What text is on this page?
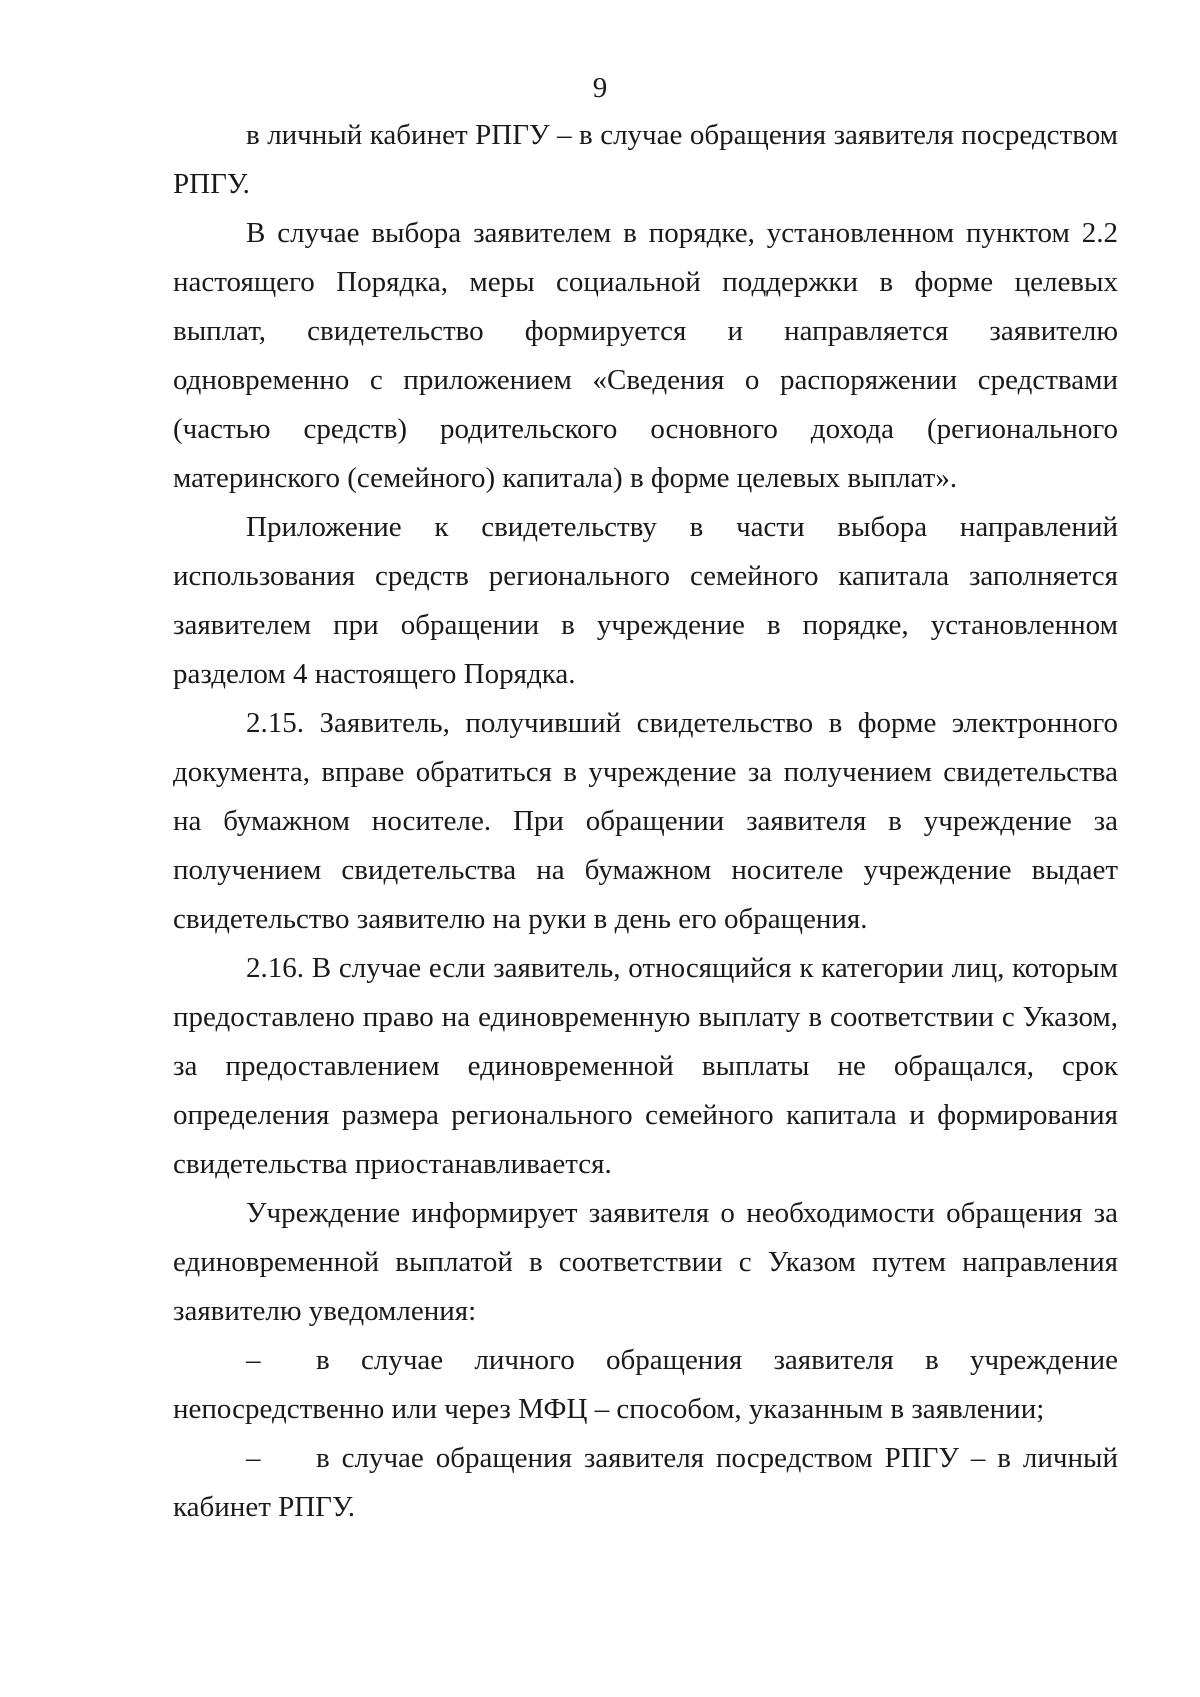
9

в личный кабинет РПГУ – в случае обращения заявителя посредством РПГУ.

В случае выбора заявителем в порядке, установленном пунктом 2.2 настоящего Порядка, меры социальной поддержки в форме целевых выплат, свидетельство формируется и направляется заявителю одновременно с приложением «Сведения о распоряжении средствами (частью средств) родительского основного дохода (регионального материнского (семейного) капитала) в форме целевых выплат».

Приложение к свидетельству в части выбора направлений использования средств регионального семейного капитала заполняется заявителем при обращении в учреждение в порядке, установленном разделом 4 настоящего Порядка.

2.15. Заявитель, получивший свидетельство в форме электронного документа, вправе обратиться в учреждение за получением свидетельства на бумажном носителе. При обращении заявителя в учреждение за получением свидетельства на бумажном носителе учреждение выдает свидетельство заявителю на руки в день его обращения.

2.16. В случае если заявитель, относящийся к категории лиц, которым предоставлено право на единовременную выплату в соответствии с Указом, за предоставлением единовременной выплаты не обращался, срок определения размера регионального семейного капитала и формирования свидетельства приостанавливается.

Учреждение информирует заявителя о необходимости обращения за единовременной выплатой в соответствии с Указом путем направления заявителю уведомления:

– в случае личного обращения заявителя в учреждение непосредственно или через МФЦ – способом, указанным в заявлении;

– в случае обращения заявителя посредством РПГУ – в личный кабинет РПГУ.
